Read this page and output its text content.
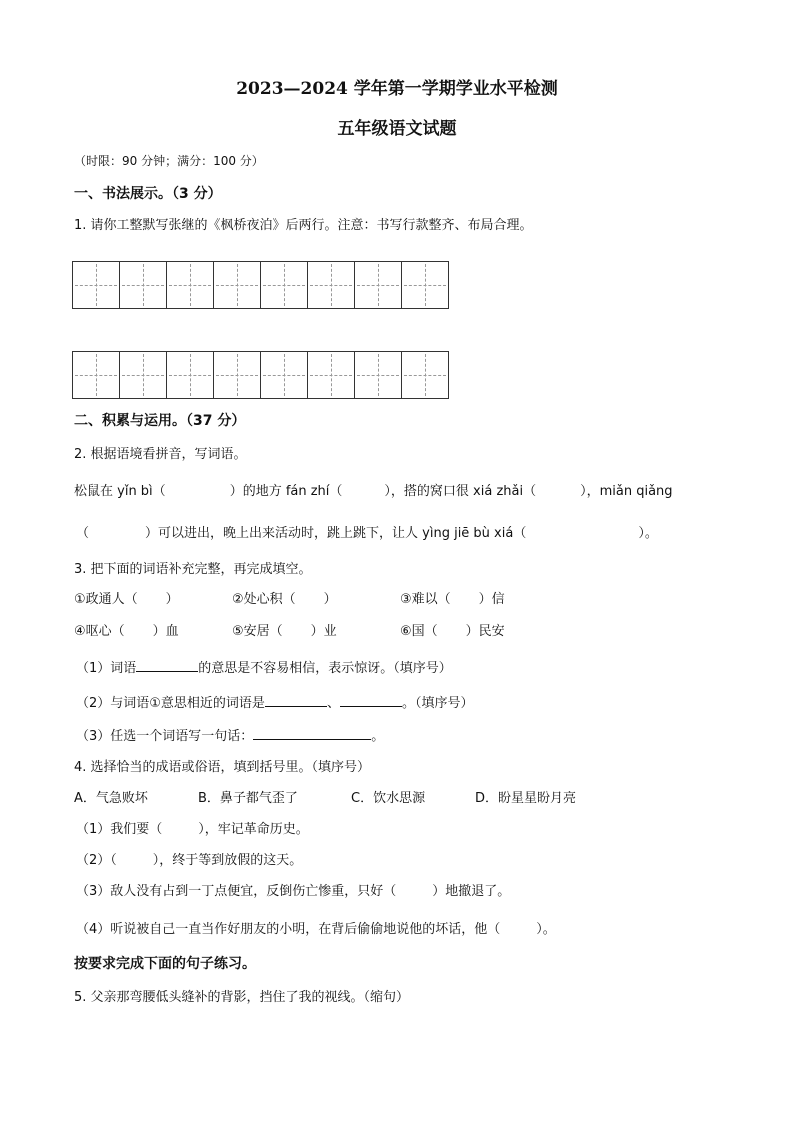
2023—2024 学年第一学期学业水平检测
五年级语文试题
（时限：90 分钟；满分：100 分）
一、书法展示。（3 分）
1. 请你工整默写张继的《枫桥夜泊》后两行。注意：书写行款整齐、布局合理。
二、积累与运用。（37 分）
2. 根据语境看拼音，写词语。
松鼠在 yǐn bì（	）的地方 fán zhí（	），搭的窝口很 xiá zhǎi（	），miǎn qiǎng
（	）可以进出，晚上出来活动时，跳上跳下，让人 yìng jiē bù xiá（	）。
3. 把下面的词语补充完整，再完成填空。
①政通人（ ）	②处心积（ ）	③难以（ ）信
④呕心（ ）血	⑤安居（ ）业	⑥国（ ）民安
（1）词语	的意思是不容易相信，表示惊讶。（填序号）
（2）与词语①意思相近的词语是	、	。（填序号）
（3）任选一个词语写一句话：	。
4. 选择恰当的成语或俗语，填到括号里。（填序号）
A．气急败坏	B．鼻子都气歪了	C．饮水思源	D．盼星星盼月亮
（1）我们要（	），牢记革命历史。
（2）（	），终于等到放假的这天。
（3）敌人没有占到一丁点便宜，反倒伤亡惨重，只好（	）地撤退了。
（4）听说被自己一直当作好朋友的小明，在背后偷偷地说他的坏话，他（	）。
按要求完成下面的句子练习。
5. 父亲那弯腰低头缝补的背影，挡住了我的视线。（缩句）
